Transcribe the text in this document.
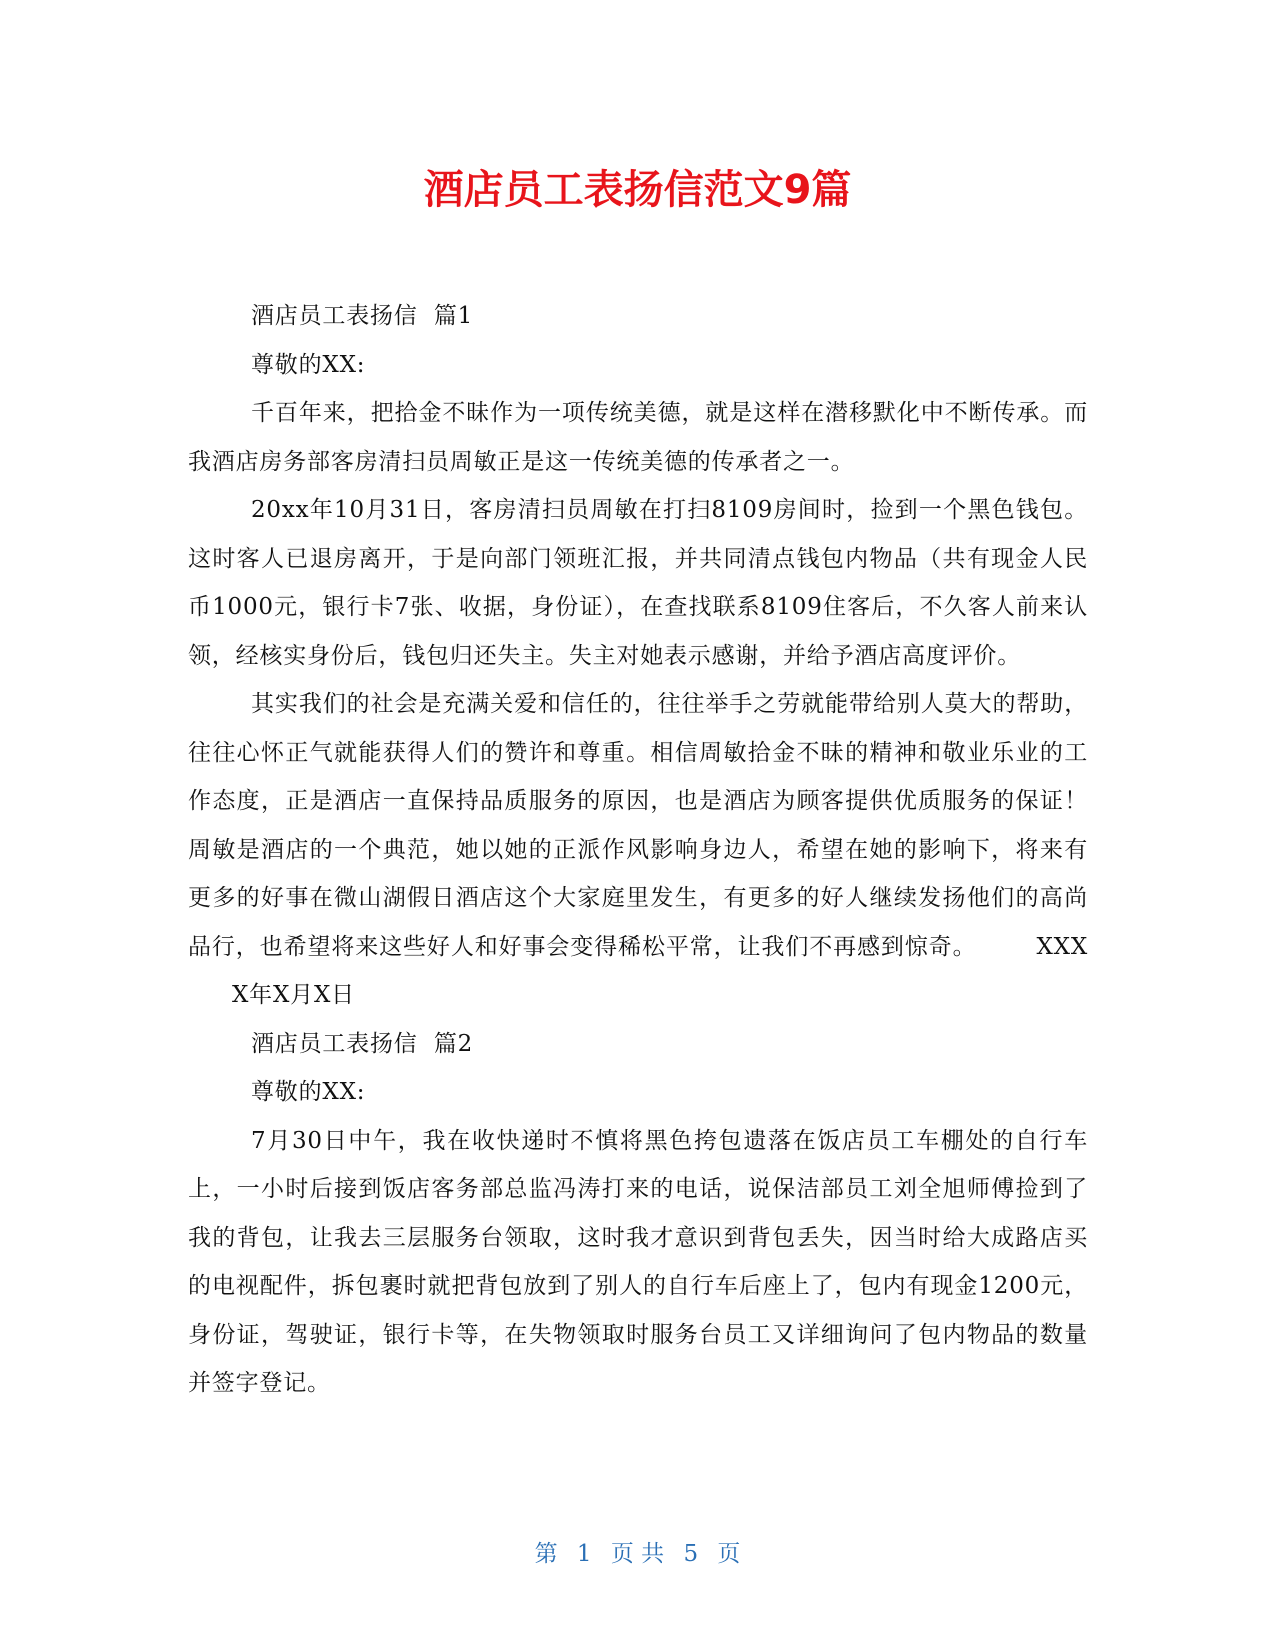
酒店员工表扬信范文9篇

酒店员工表扬信  篇1

尊敬的XX:

千百年来，把拾金不昧作为一项传统美德，就是这样在潜移默化中不断传承。而我酒店房务部客房清扫员周敏正是这一传统美德的传承者之一。

20xx年10月31日，客房清扫员周敏在打扫8109房间时，捡到一个黑色钱包。这时客人已退房离开，于是向部门领班汇报，并共同清点钱包内物品（共有现金人民币1000元，银行卡7张、收据，身份证），在查找联系8109住客后，不久客人前来认领，经核实身份后，钱包归还失主。失主对她表示感谢，并给予酒店高度评价。

其实我们的社会是充满关爱和信任的，往往举手之劳就能带给别人莫大的帮助，往往心怀正气就能获得人们的赞许和尊重。相信周敏拾金不昧的精神和敬业乐业的工作态度，正是酒店一直保持品质服务的原因，也是酒店为顾客提供优质服务的保证！周敏是酒店的一个典范，她以她的正派作风影响身边人，希望在她的影响下，将来有更多的好事在微山湖假日酒店这个大家庭里发生，有更多的好人继续发扬他们的高尚品行，也希望将来这些好人和好事会变得稀松平常，让我们不再感到惊奇。	XXXX年X月X日

酒店员工表扬信  篇2

尊敬的XX:

7月30日中午，我在收快递时不慎将黑色挎包遗落在饭店员工车棚处的自行车上，一小时后接到饭店客务部总监冯涛打来的电话，说保洁部员工刘全旭师傅捡到了我的背包，让我去三层服务台领取，这时我才意识到背包丢失，因当时给大成路店买的电视配件，拆包裹时就把背包放到了别人的自行车后座上了，包内有现金1200元，身份证，驾驶证，银行卡等，在失物领取时服务台员工又详细询问了包内物品的数量并签字登记。

第 1 页 共 5 页
